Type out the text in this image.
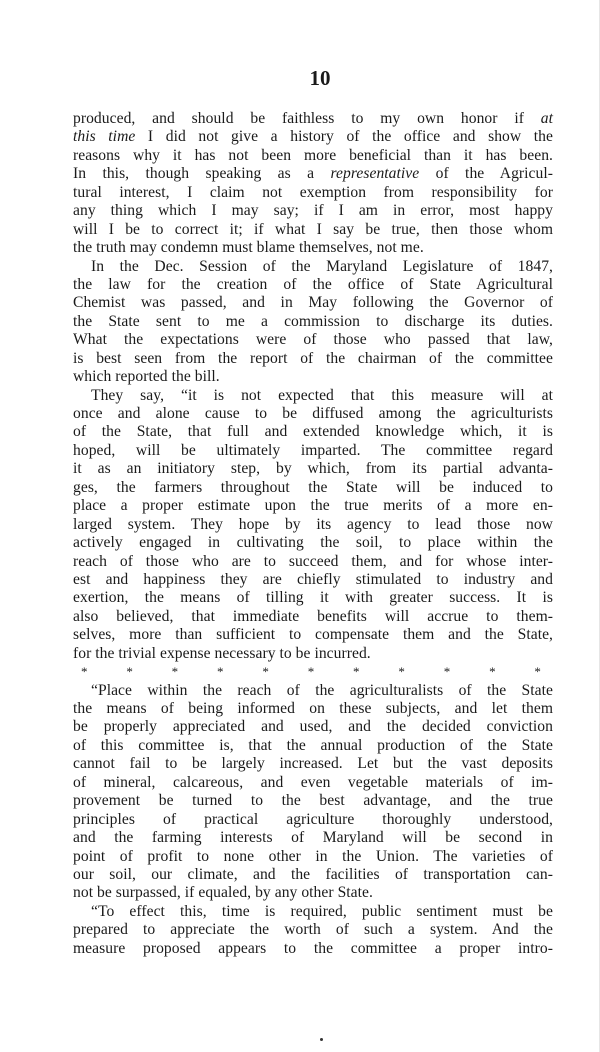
10
produced, and should be faithless to my own honor if at
this time I did not give a history of the office and show the
reasons why it has not been more beneficial than it has been.
In this, though speaking as a representative of the Agricul-
tural interest, I claim not exemption from responsibility for
any thing which I may say; if I am in error, most happy
will I be to correct it; if what I say be true, then those whom
the truth may condemn must blame themselves, not me.
In the Dec. Session of the Maryland Legislature of 1847,
the law for the creation of the office of State Agricultural
Chemist was passed, and in May following the Governor of
the State sent to me a commission to discharge its duties.
What the expectations were of those who passed that law,
is best seen from the report of the chairman of the committee
which reported the bill.
They say, “it is not expected that this measure will at
once and alone cause to be diffused among the agriculturists
of the State, that full and extended knowledge which, it is
hoped, will be ultimately imparted. The committee regard
it as an initiatory step, by which, from its partial advanta-
ges, the farmers throughout the State will be induced to
place a proper estimate upon the true merits of a more en-
larged system. They hope by its agency to lead those now
actively engaged in cultivating the soil, to place within the
reach of those who are to succeed them, and for whose inter-
est and happiness they are chiefly stimulated to industry and
exertion, the means of tilling it with greater success. It is
also believed, that immediate benefits will accrue to them-
selves, more than sufficient to compensate them and the State,
for the trivial expense necessary to be incurred.
* * * * * * * * * * *
“Place within the reach of the agriculturalists of the State
the means of being informed on these subjects, and let them
be properly appreciated and used, and the decided conviction
of this committee is, that the annual production of the State
cannot fail to be largely increased. Let but the vast deposits
of mineral, calcareous, and even vegetable materials of im-
provement be turned to the best advantage, and the true
principles of practical agriculture thoroughly understood,
and the farming interests of Maryland will be second in
point of profit to none other in the Union. The varieties of
our soil, our climate, and the facilities of transportation can-
not be surpassed, if equaled, by any other State.
“To effect this, time is required, public sentiment must be
prepared to appreciate the worth of such a system. And the
measure proposed appears to the committee a proper intro-
